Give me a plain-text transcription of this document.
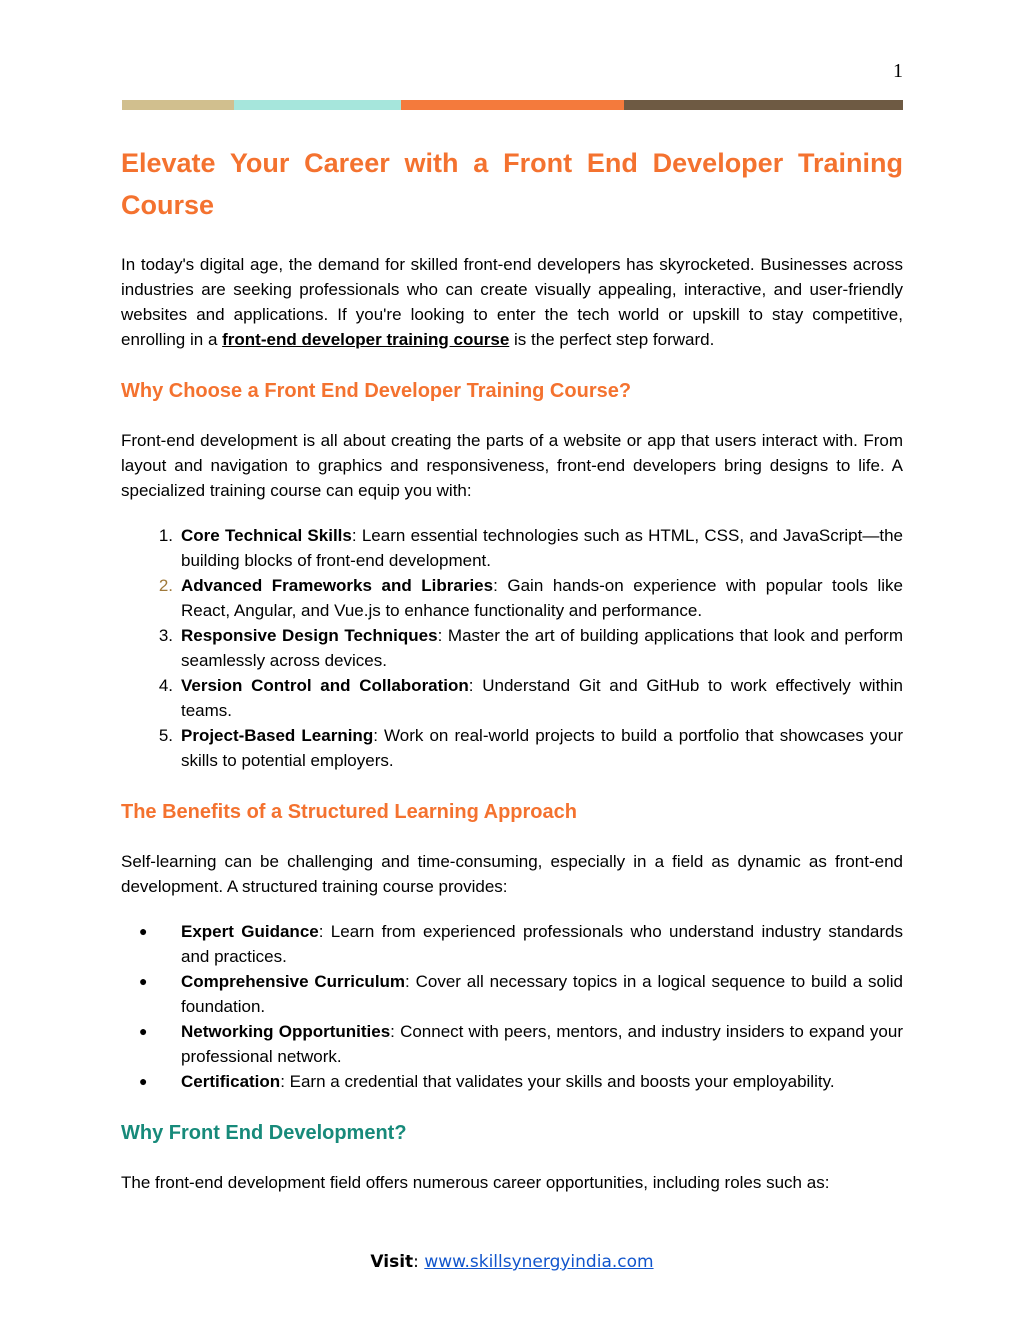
1
Elevate Your Career with a Front End Developer Training Course

In today's digital age, the demand for skilled front-end developers has skyrocketed. Businesses across industries are seeking professionals who can create visually appealing, interactive, and user-friendly websites and applications. If you're looking to enter the tech world or upskill to stay competitive, enrolling in a front-end developer training course is the perfect step forward.

Why Choose a Front End Developer Training Course?

Front-end development is all about creating the parts of a website or app that users interact with. From layout and navigation to graphics and responsiveness, front-end developers bring designs to life. A specialized training course can equip you with:

1. Core Technical Skills: Learn essential technologies such as HTML, CSS, and JavaScript—the building blocks of front-end development.
2. Advanced Frameworks and Libraries: Gain hands-on experience with popular tools like React, Angular, and Vue.js to enhance functionality and performance.
3. Responsive Design Techniques: Master the art of building applications that look and perform seamlessly across devices.
4. Version Control and Collaboration: Understand Git and GitHub to work effectively within teams.
5. Project-Based Learning: Work on real-world projects to build a portfolio that showcases your skills to potential employers.
The Benefits of a Structured Learning Approach

Self-learning can be challenging and time-consuming, especially in a field as dynamic as front-end development. A structured training course provides:

● Expert Guidance: Learn from experienced professionals who understand industry standards and practices.
● Comprehensive Curriculum: Cover all necessary topics in a logical sequence to build a solid foundation.
● Networking Opportunities: Connect with peers, mentors, and industry insiders to expand your professional network.
● Certification: Earn a credential that validates your skills and boosts your employability.
Why Front End Development?

The front-end development field offers numerous career opportunities, including roles such as:

Visit: www.skillsynergyindia.com
